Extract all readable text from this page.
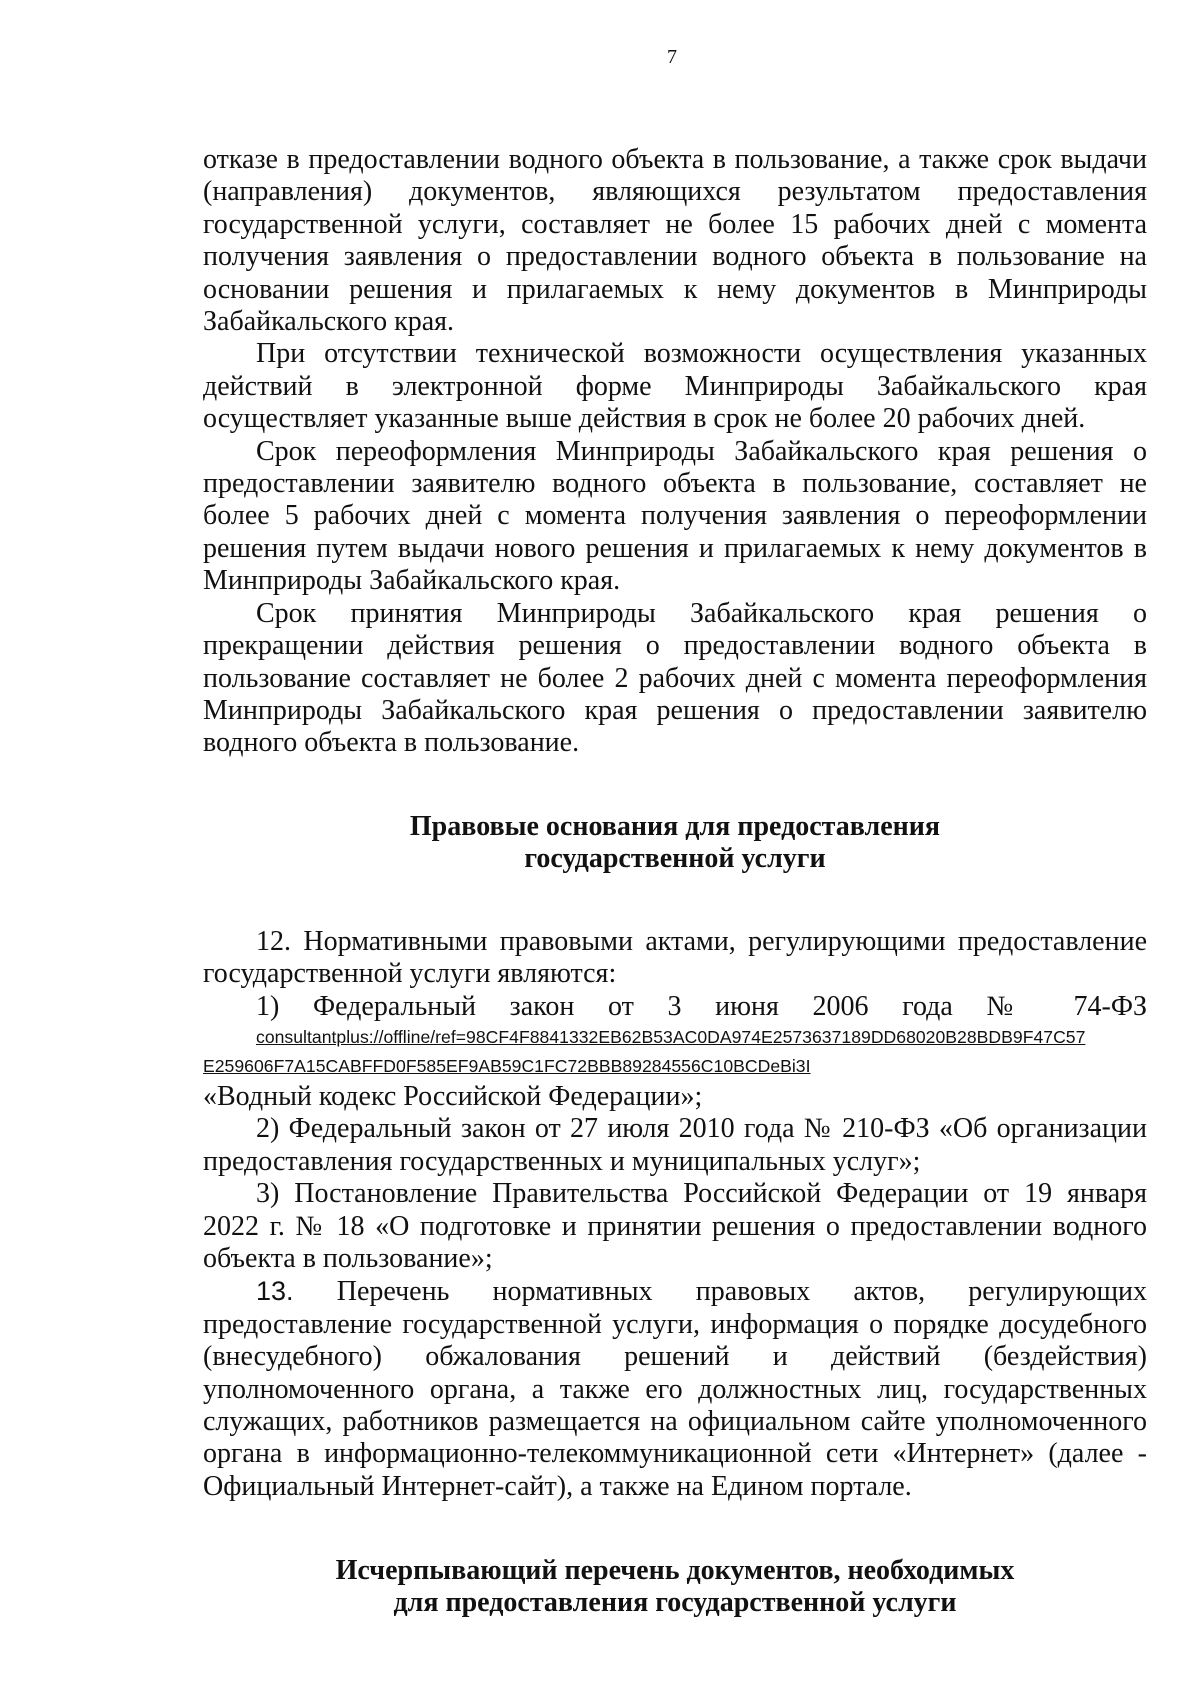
7

отказе в предоставлении водного объекта в пользование, а также срок выдачи (направления) документов, являющихся результатом предоставления государственной услуги, составляет не более 15 рабочих дней с момента получения заявления о предоставлении водного объекта в пользование на основании решения и прилагаемых к нему документов в Минприроды Забайкальского края.

При отсутствии технической возможности осуществления указанных действий в электронной форме Минприроды Забайкальского края осуществляет указанные выше действия в срок не более 20 рабочих дней.

Срок переоформления Минприроды Забайкальского края решения о предоставлении заявителю водного объекта в пользование, составляет не более 5 рабочих дней с момента получения заявления о переоформлении решения путем выдачи нового решения и прилагаемых к нему документов в Минприроды Забайкальского края.

Срок принятия Минприроды Забайкальского края решения о прекращении действия решения о предоставлении водного объекта в пользование составляет не более 2 рабочих дней с момента переоформления Минприроды Забайкальского края решения о предоставлении заявителю водного объекта в пользование.

Правовые основания для предоставления
государственной услуги

12. Нормативными правовыми актами, регулирующими предоставление государственной услуги являются:

1) Федеральный закон от 3 июня 2006 года № 74-ФЗ
consultantplus://offline/ref=98CF4F8841332EB62B53AC0DA974E2573637189DD68020B28BDB9F47C57
E259606F7A15CABFFD0F585EF9AB59C1FC72BBB89284556C10BCDeBi3I
«Водный кодекс Российской Федерации»;

2) Федеральный закон от 27 июля 2010 года № 210-ФЗ «Об организации предоставления государственных и муниципальных услуг»;

3) Постановление Правительства Российской Федерации от 19 января 2022 г. № 18 «О подготовке и принятии решения о предоставлении водного объекта в пользование»;

13. Перечень нормативных правовых актов, регулирующих предоставление государственной услуги, информация о порядке досудебного (внесудебного) обжалования решений и действий (бездействия) уполномоченного органа, а также его должностных лиц, государственных служащих, работников размещается на официальном сайте уполномоченного органа в информационно-телекоммуникационной сети «Интернет» (далее - Официальный Интернет-сайт), а также на Едином портале.

Исчерпывающий перечень документов, необходимых
для предоставления государственной услуги
